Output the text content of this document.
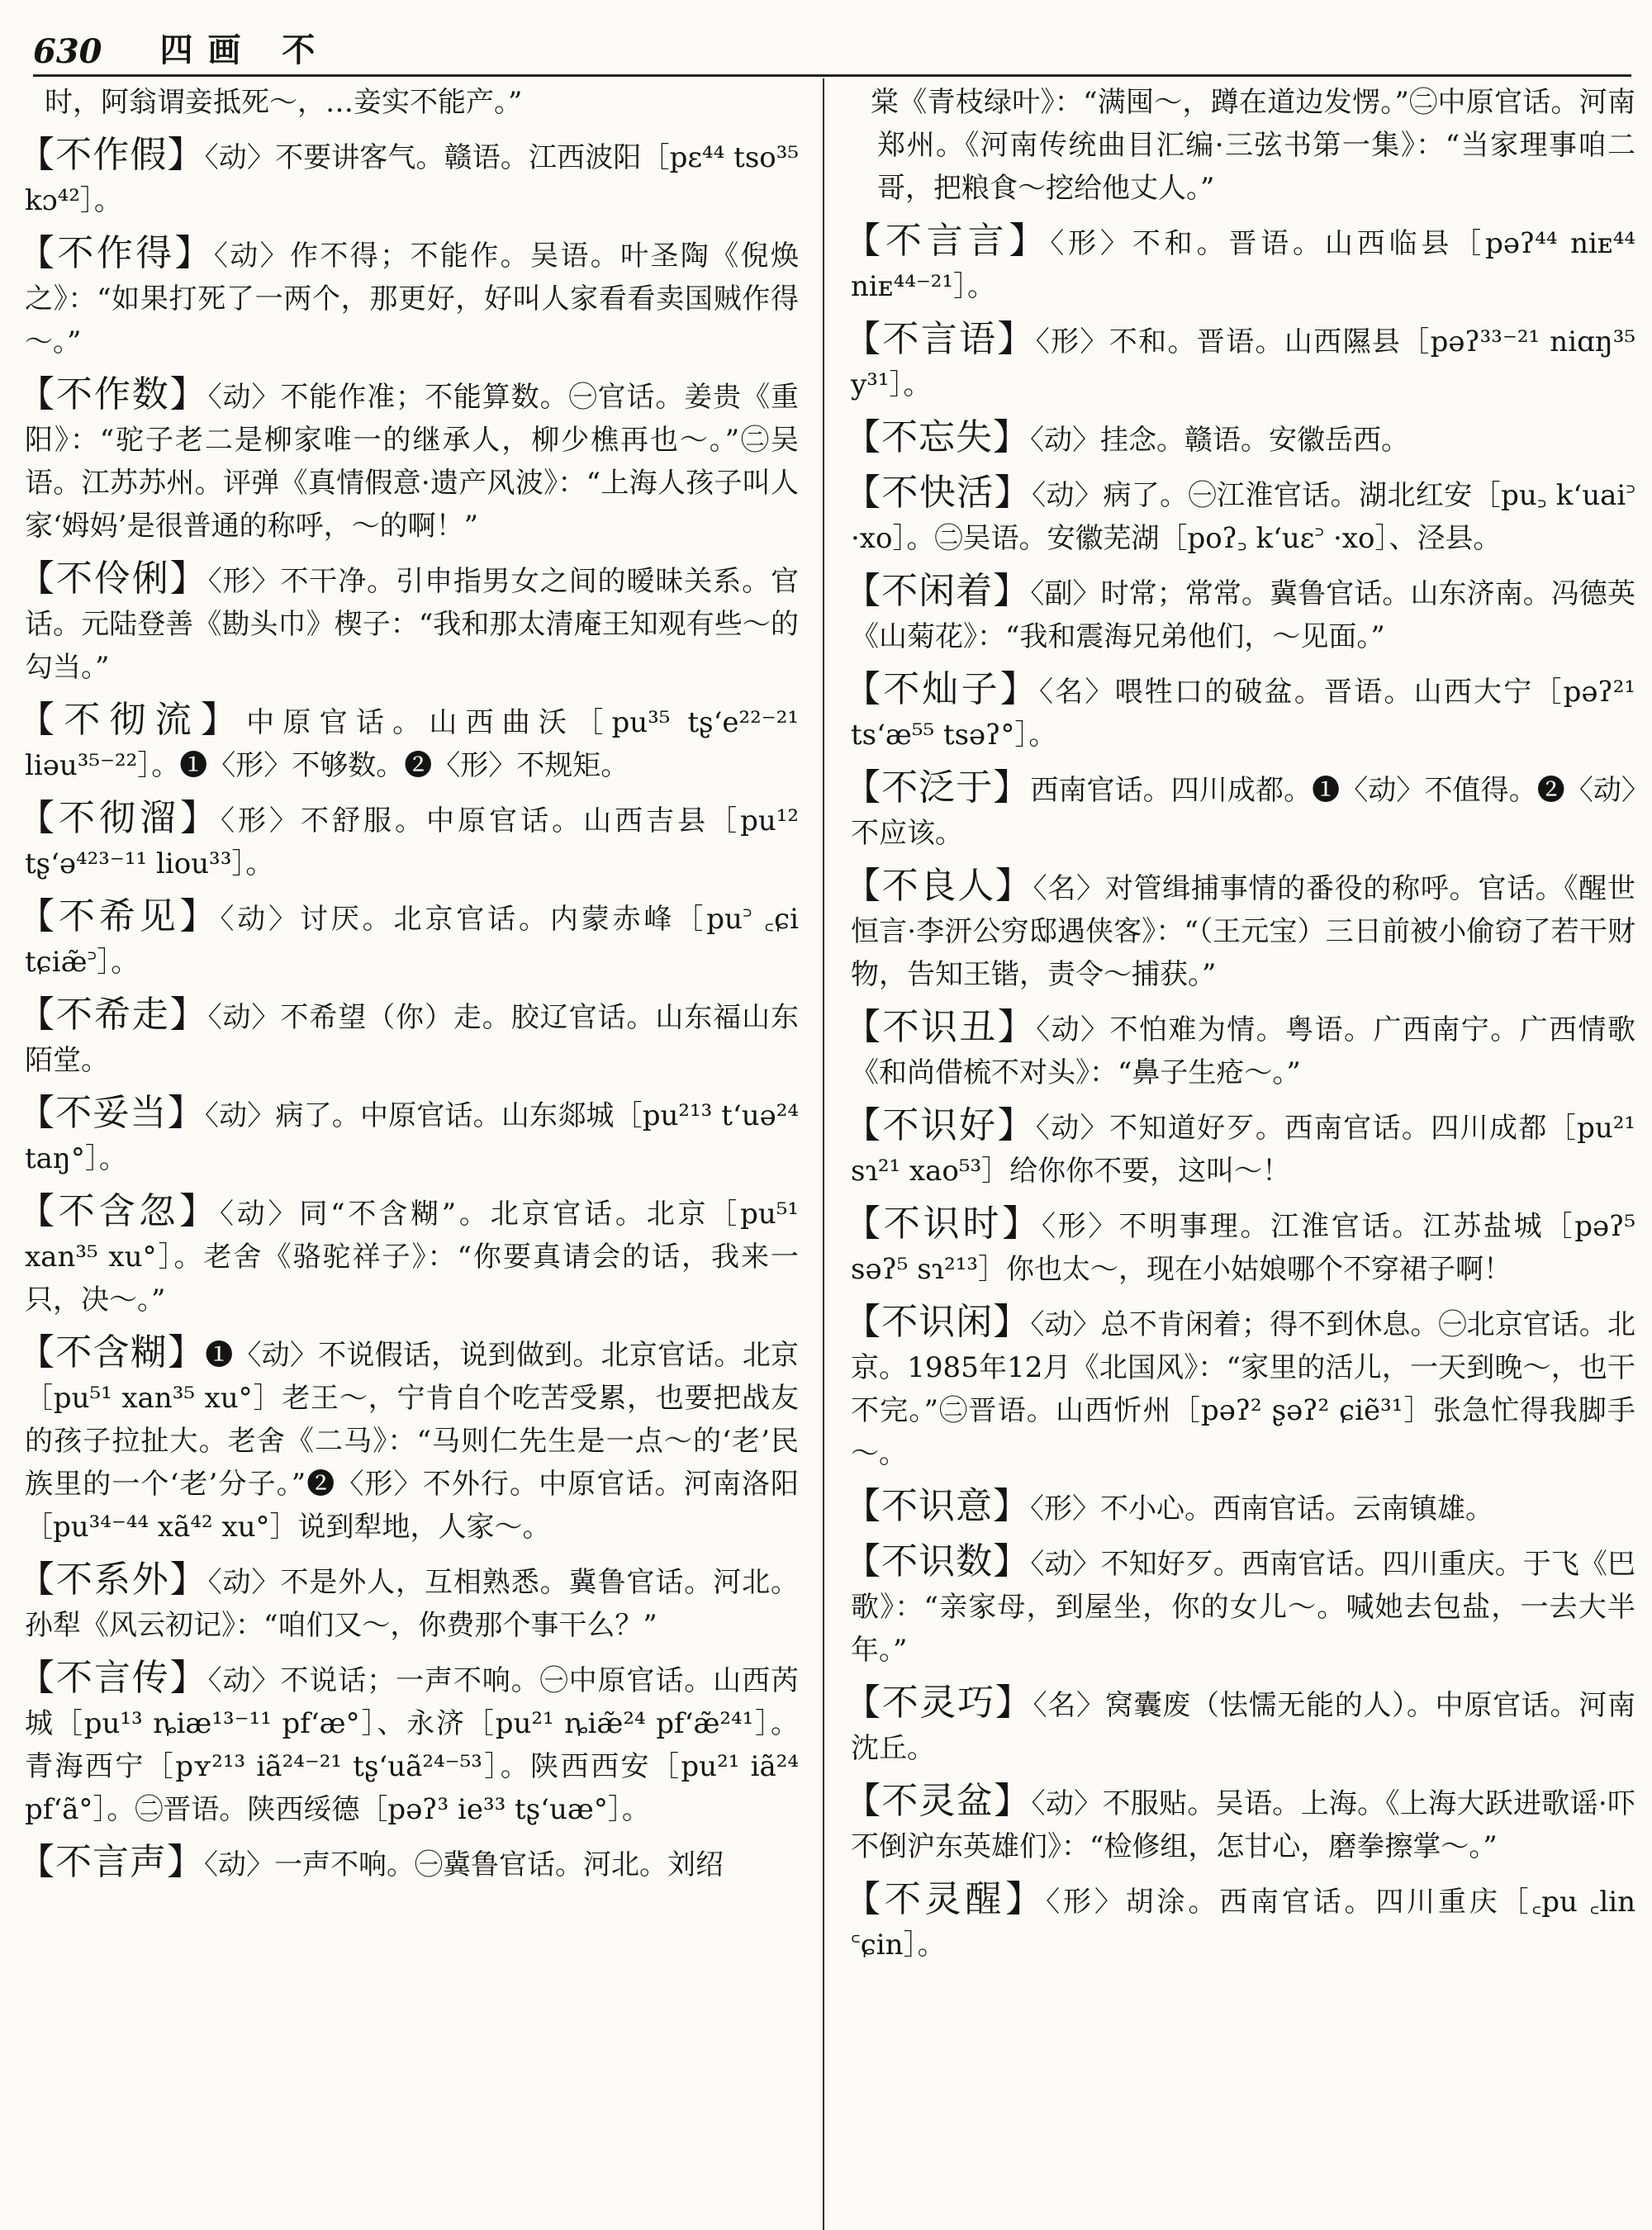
630 四画 不

时，阿翁谓妾抵死～，…妾实不能产。”

【不作假】〈动〉不要讲客气。赣语。江西波阳［pɛ⁴⁴ tso³⁵ kɔ⁴²］。

【不作得】〈动〉作不得；不能作。吴语。叶圣陶《倪焕之》：“如果打死了一两个，那更好，好叫人家看看卖国贼作得～。”

【不作数】〈动〉不能作准；不能算数。㊀官话。姜贵《重阳》：“驼子老二是柳家唯一的继承人，柳少樵再也～。”㊁吴语。江苏苏州。评弹《真情假意·遗产风波》：“上海人孩子叫人家‘姆妈’是很普通的称呼，～的啊！”

【不伶俐】〈形〉不干净。引申指男女之间的暧昧关系。官话。元陆登善《勘头巾》楔子：“我和那太清庵王知观有些～的勾当。”

【不彻流】中原官话。山西曲沃［pu³⁵ tʂʻe²²⁻²¹ liəu³⁵⁻²²］。❶〈形〉不够数。❷〈形〉不规矩。

【不彻溜】〈形〉不舒服。中原官话。山西吉县［pu¹² tʂʻə⁴²³⁻¹¹ liou³³］。

【不希见】〈动〉讨厌。北京官话。内蒙赤峰［pu꜄ ꜀ɕi tɕiæ̃꜄］。

【不希走】〈动〉不希望（你）走。胶辽官话。山东福山东陌堂。

【不妥当】〈动〉病了。中原官话。山东郯城［pu²¹³ tʻuə²⁴ taŋ°］。

【不含忽】〈动〉同“不含糊”。北京官话。北京［pu⁵¹ xan³⁵ xu°］。老舍《骆驼祥子》：“你要真请会的话，我来一只，决～。”

【不含糊】❶〈动〉不说假话，说到做到。北京官话。北京［pu⁵¹ xan³⁵ xu°］老王～，宁肯自个吃苦受累，也要把战友的孩子拉扯大。老舍《二马》：“马则仁先生是一点～的‘老’民族里的一个‘老’分子。”❷〈形〉不外行。中原官话。河南洛阳［pu³⁴⁻⁴⁴ xã⁴² xu°］说到犁地，人家～。

【不系外】〈动〉不是外人，互相熟悉。冀鲁官话。河北。孙犁《风云初记》：“咱们又～，你费那个事干么？”

【不言传】〈动〉不说话；一声不响。㊀中原官话。山西芮城［pu¹³ ȵiæ¹³⁻¹¹ pfʻæ°］、永济［pu²¹ ȵiæ̃²⁴ pfʻæ̃²⁴¹］。青海西宁［pʏ²¹³ iã²⁴⁻²¹ tʂʻuã²⁴⁻⁵³］。陕西西安［pu²¹ iã²⁴ pfʻã°］。㊁晋语。陕西绥德［pəʔ³ ie³³ tʂʻuæ°］。

【不言声】〈动〉一声不响。㊀冀鲁官话。河北。刘绍

棠《青枝绿叶》：“满囤～，蹲在道边发愣。”㊁中原官话。河南郑州。《河南传统曲目汇编·三弦书第一集》：“当家理事咱二哥，把粮食～挖给他丈人。”

【不言言】〈形〉不和。晋语。山西临县［pəʔ⁴⁴ niᴇ⁴⁴ niᴇ⁴⁴⁻²¹］。

【不言语】〈形〉不和。晋语。山西隰县［pəʔ³³⁻²¹ niɑŋ³⁵ y³¹］。

【不忘失】〈动〉挂念。赣语。安徽岳西。

【不快活】〈动〉病了。㊀江淮官话。湖北红安［pu꜆ kʻuai꜄ ·xo］。㊁吴语。安徽芜湖［poʔ꜆ kʻuɛ꜄ ·xo］、泾县。

【不闲着】〈副〉时常；常常。冀鲁官话。山东济南。冯德英《山菊花》：“我和震海兄弟他们，～见面。”

【不灿子】〈名〉喂牲口的破盆。晋语。山西大宁［pəʔ²¹ tsʻæ⁵⁵ tsəʔ°］。

【不泛于】西南官话。四川成都。❶〈动〉不值得。❷〈动〉不应该。

【不良人】〈名〉对管缉捕事情的番役的称呼。官话。《醒世恒言·李汧公穷邸遇侠客》：“（王元宝）三日前被小偷窃了若干财物，告知王锴，责令～捕获。”

【不识丑】〈动〉不怕难为情。粤语。广西南宁。广西情歌《和尚借梳不对头》：“鼻子生疮～。”

【不识好】〈动〉不知道好歹。西南官话。四川成都［pu²¹ sɿ²¹ xao⁵³］给你你不要，这叫～！

【不识时】〈形〉不明事理。江淮官话。江苏盐城［pəʔ⁵ səʔ⁵ sɿ²¹³］你也太～，现在小姑娘哪个不穿裙子啊！

【不识闲】〈动〉总不肯闲着；得不到休息。㊀北京官话。北京。1985年12月《北国风》：“家里的活儿，一天到晚～，也干不完。”㊁晋语。山西忻州［pəʔ² ʂəʔ² ɕiẽ³¹］张急忙得我脚手～。

【不识意】〈形〉不小心。西南官话。云南镇雄。

【不识数】〈动〉不知好歹。西南官话。四川重庆。于飞《巴歌》：“亲家母，到屋坐，你的女儿～。喊她去包盐，一去大半年。”

【不灵巧】〈名〉窝囊废（怯懦无能的人）。中原官话。河南沈丘。

【不灵盆】〈动〉不服贴。吴语。上海。《上海大跃进歌谣·吓不倒沪东英雄们》：“检修组，怎甘心，磨拳擦掌～。”

【不灵醒】〈形〉胡涂。西南官话。四川重庆［꜀pu ꜀lin ꜂ɕin］。
